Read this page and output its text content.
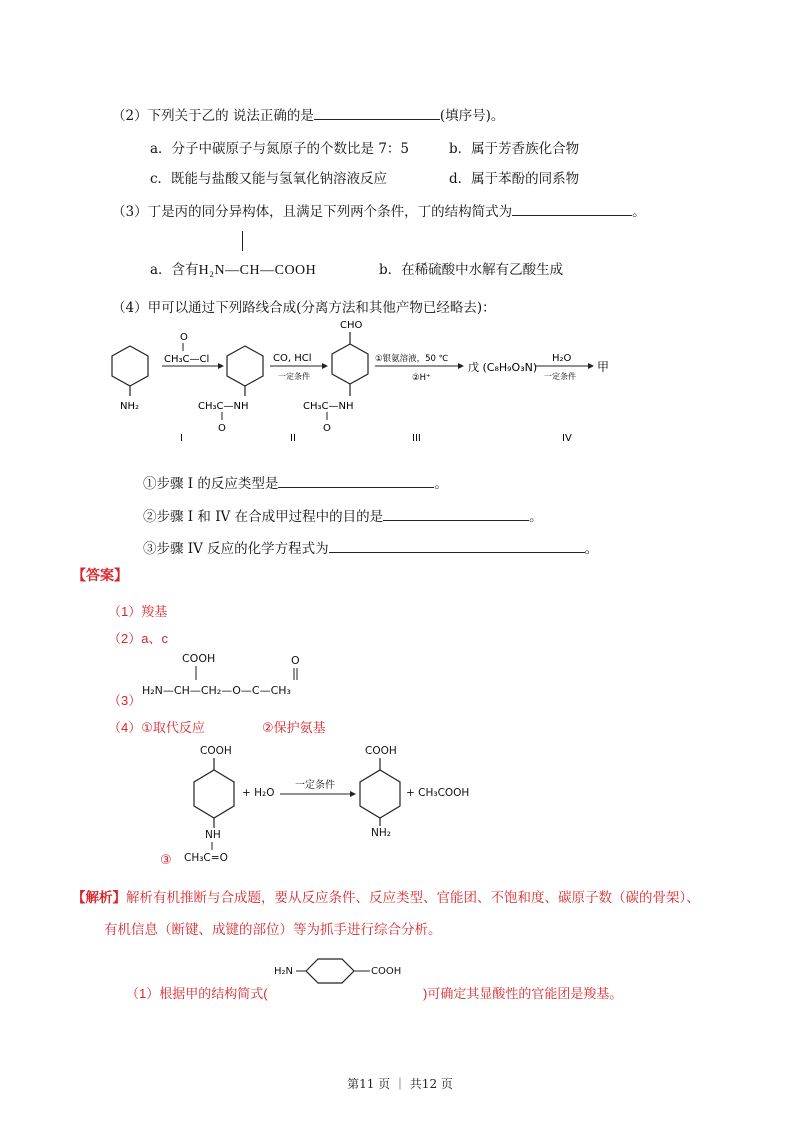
（2）下列关于乙的 说法正确的是	(填序号)。
a．分子中碳原子与氮原子的个数比是 7：5	b．属于芳香族化合物
c．既能与盐酸又能与氢氧化钠溶液反应	d．属于苯酚的同系物
（3）丁是丙的同分异构体，且满足下列两个条件，丁的结构简式为	。
a．含有H₂N—CH—COOH	b．在稀硫酸中水解有乙酸生成
（4）甲可以通过下列路线合成(分离方法和其他产物已经略去)：
NH₂
O
CH₃C—Cl
CH₃C—NH
O
CO, HCl
一定条件
CHO
CH₃C—NH
O
①银氨溶液，50 ℃
②H⁺
戊 (C₈H₉O₃N)
H₂O
一定条件
甲
I	II	III	IV
①步骤 I 的反应类型是	。
②步骤 I 和 IV 在合成甲过程中的目的是	。
③步骤 IV 反应的化学方程式为	。
【答案】
（1）羧基
（2）a、c
（3）
COOH	O
H₂N—CH—CH₂—O—C—CH₃
（4）①取代反应	②保护氨基
COOH
NH
CH₃C=O
+ H₂O
一定条件
COOH
NH₂
+ CH₃COOH
③
【解析】解析有机推断与合成题，要从反应条件、反应类型、官能团、不饱和度、碳原子数（碳的骨架）、
有机信息（断键、成键的部位）等为抓手进行综合分析。
（1）根据甲的结构简式(
H₂N	COOH
)可确定其显酸性的官能团是羧基。
第11 页 ｜ 共12 页
